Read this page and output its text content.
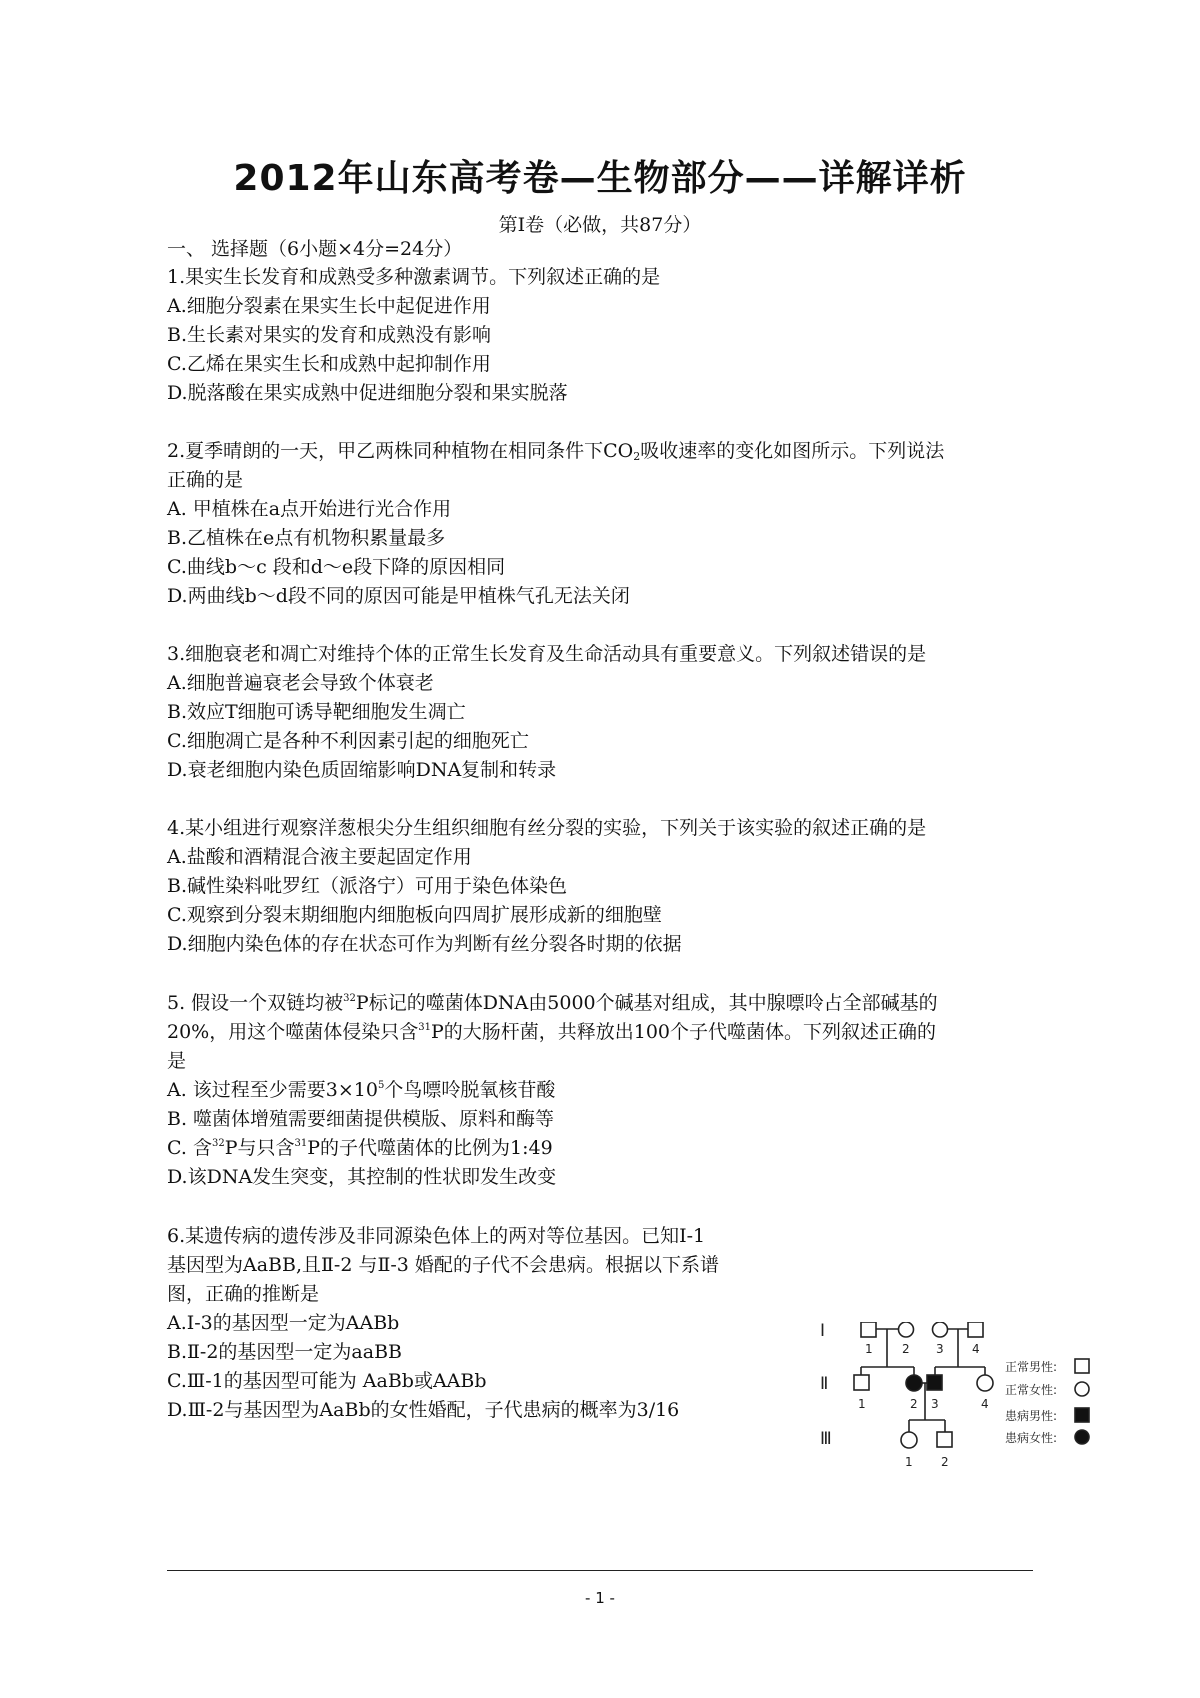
2012年山东高考卷—生物部分——详解详析
第Ⅰ卷（必做，共87分）
一、 选择题（6小题×4分=24分）
1.果实生长发育和成熟受多种激素调节。下列叙述正确的是
A.细胞分裂素在果实生长中起促进作用
B.生长素对果实的发育和成熟没有影响
C.乙烯在果实生长和成熟中起抑制作用
D.脱落酸在果实成熟中促进细胞分裂和果实脱落
2.夏季晴朗的一天，甲乙两株同种植物在相同条件下$CO_2$吸收速率的变化如图所示。下列说法
正确的是
A. 甲植株在a点开始进行光合作用
B.乙植株在e点有机物积累量最多
C.曲线b～c 段和d～e段下降的原因相同
D.两曲线b～d段不同的原因可能是甲植株气孔无法关闭
3.细胞衰老和凋亡对维持个体的正常生长发育及生命活动具有重要意义。下列叙述错误的是
A.细胞普遍衰老会导致个体衰老
B.效应T细胞可诱导靶细胞发生凋亡
C.细胞凋亡是各种不利因素引起的细胞死亡
D.衰老细胞内染色质固缩影响DNA复制和转录
4.某小组进行观察洋葱根尖分生组织细胞有丝分裂的实验，下列关于该实验的叙述正确的是
A.盐酸和酒精混合液主要起固定作用
B.碱性染料吡罗红（派洛宁）可用于染色体染色
C.观察到分裂末期细胞内细胞板向四周扩展形成新的细胞壁
D.细胞内染色体的存在状态可作为判断有丝分裂各时期的依据
5. 假设一个双链均被$^{32}$P标记的噬菌体DNA由5000个碱基对组成，其中腺嘌呤占全部碱基的
20%，用这个噬菌体侵染只含$^{31}$P的大肠杆菌，共释放出100个子代噬菌体。下列叙述正确的
是
A. 该过程至少需要$3\times 10^5$个鸟嘌呤脱氧核苷酸
B. 噬菌体增殖需要细菌提供模版、原料和酶等
C. 含$^{32}$P与只含$^{31}$P的子代噬菌体的比例为1:49
D.该DNA发生突变，其控制的性状即发生改变
6.某遗传病的遗传涉及非同源染色体上的两对等位基因。已知Ⅰ-1
基因型为AaBB,且Ⅱ-2 与Ⅱ-3 婚配的子代不会患病。根据以下系谱
图，正确的推断是
A.Ⅰ-3的基因型一定为AABb
B.Ⅱ-2的基因型一定为aaBB
C.Ⅲ-1的基因型可能为 AaBb或AABb
D.Ⅲ-2与基因型为AaBb的女性婚配，子代患病的概率为3/16
Ⅰ
Ⅱ
Ⅲ
1 2 3 4
1	2 3	4
1 2
正常男性:
正常女性:
患病男性:
患病女性:
- 1 -
